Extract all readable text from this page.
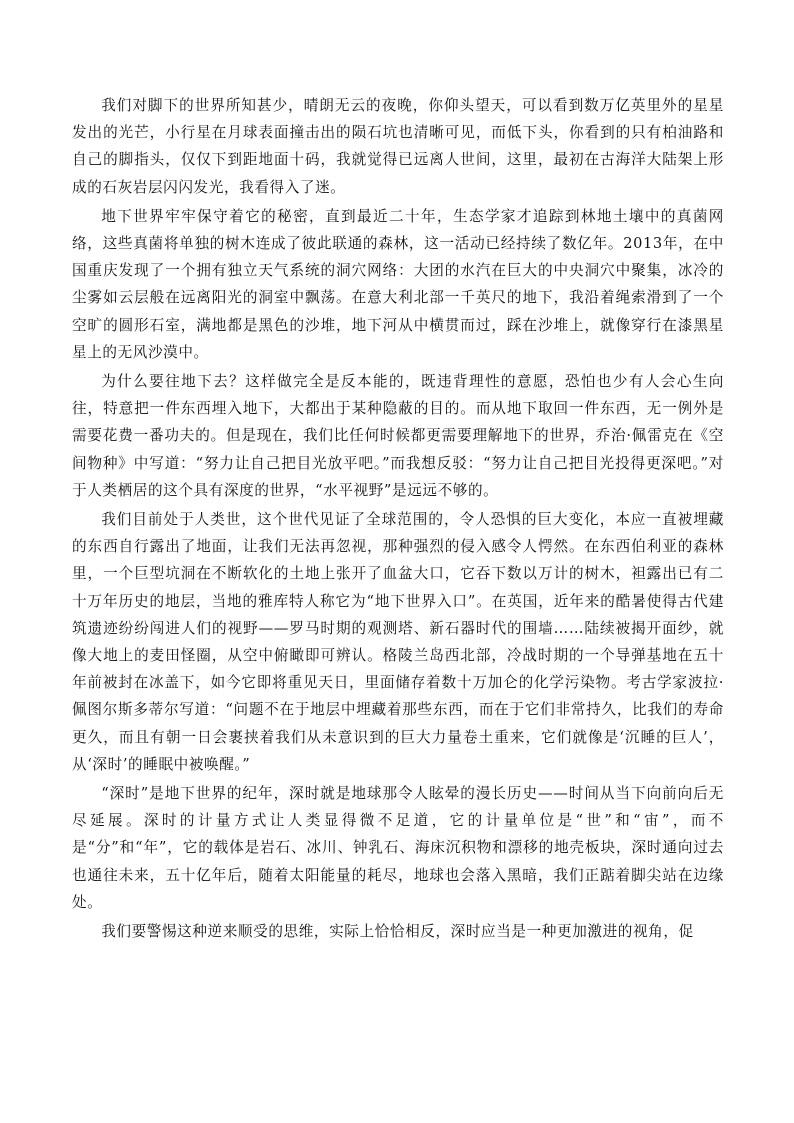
我们对脚下的世界所知甚少，晴朗无云的夜晚，你仰头望天，可以看到数万亿英里外的星星发出的光芒，小行星在月球表面撞击出的陨石坑也清晰可见，而低下头，你看到的只有柏油路和自己的脚指头，仅仅下到距地面十码，我就觉得已远离人世间，这里，最初在古海洋大陆架上形成的石灰岩层闪闪发光，我看得入了迷。

地下世界牢牢保守着它的秘密，直到最近二十年，生态学家才追踪到林地土壤中的真菌网络，这些真菌将单独的树木连成了彼此联通的森林，这一活动已经持续了数亿年。2013年，在中国重庆发现了一个拥有独立天气系统的洞穴网络：大团的水汽在巨大的中央洞穴中聚集，冰冷的尘雾如云层般在远离阳光的洞室中飘荡。在意大利北部一千英尺的地下，我沿着绳索滑到了一个空旷的圆形石室，满地都是黑色的沙堆，地下河从中横贯而过，踩在沙堆上，就像穿行在漆黑星星上的无风沙漠中。

为什么要往地下去？这样做完全是反本能的，既违背理性的意愿，恐怕也少有人会心生向往，特意把一件东西埋入地下，大都出于某种隐蔽的目的。而从地下取回一件东西，无一例外是需要花费一番功夫的。但是现在，我们比任何时候都更需要理解地下的世界，乔治·佩雷克在《空间物种》中写道：“努力让自己把目光放平吧。”而我想反驳：“努力让自己把目光投得更深吧。”对于人类栖居的这个具有深度的世界，“水平视野”是远远不够的。

我们目前处于人类世，这个世代见证了全球范围的，令人恐惧的巨大变化，本应一直被埋藏的东西自行露出了地面，让我们无法再忽视，那种强烈的侵入感令人愕然。在东西伯利亚的森林里，一个巨型坑洞在不断软化的土地上张开了血盆大口，它吞下数以万计的树木，袒露出已有二十万年历史的地层，当地的雅库特人称它为“地下世界入口”。在英国，近年来的酷暑使得古代建筑遗迹纷纷闯进人们的视野——罗马时期的观测塔、新石器时代的围墙……陆续被揭开面纱，就像大地上的麦田怪圈，从空中俯瞰即可辨认。格陵兰岛西北部，冷战时期的一个导弹基地在五十年前被封在冰盖下，如今它即将重见天日，里面储存着数十万加仑的化学污染物。考古学家波拉·佩图尔斯多蒂尔写道：“问题不在于地层中埋藏着那些东西，而在于它们非常持久，比我们的寿命更久，而且有朝一日会裹挟着我们从未意识到的巨大力量卷土重来，它们就像是‘沉睡的巨人’，从‘深时’的睡眠中被唤醒。”

“深时”是地下世界的纪年，深时就是地球那令人眩晕的漫长历史——时间从当下向前向后无尽延展。深时的计量方式让人类显得微不足道，它的计量单位是“世”和“宙”，而不是“分”和“年”，它的载体是岩石、冰川、钟乳石、海床沉积物和漂移的地壳板块，深时通向过去也通往未来，五十亿年后，随着太阳能量的耗尽，地球也会落入黑暗，我们正踮着脚尖站在边缘处。

我们要警惕这种逆来顺受的思维，实际上恰恰相反，深时应当是一种更加激进的视角，促
